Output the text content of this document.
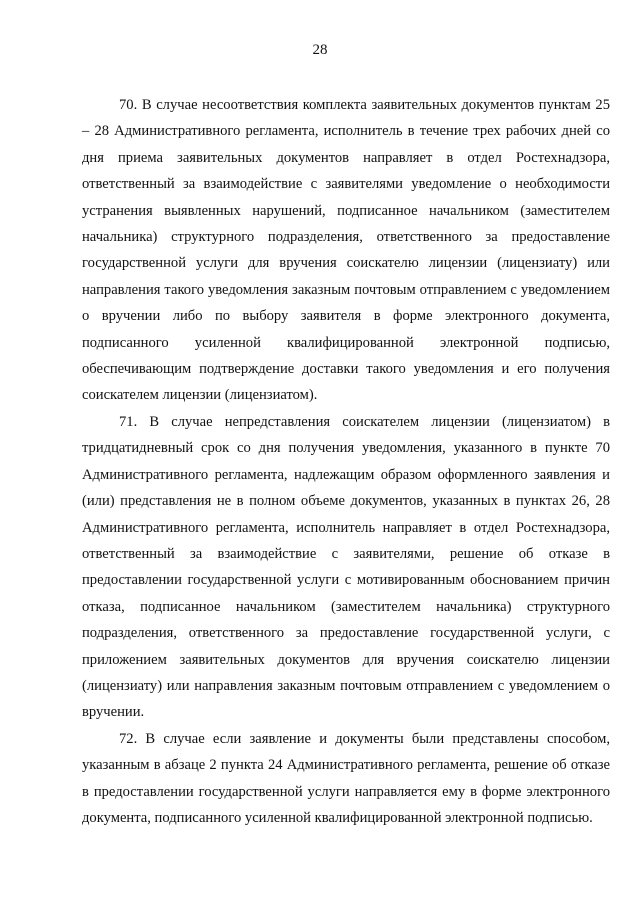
28

70. В случае несоответствия комплекта заявительных документов пунктам 25 – 28 Административного регламента, исполнитель в течение трех рабочих дней со дня приема заявительных документов направляет в отдел Ростехнадзора, ответственный за взаимодействие с заявителями уведомление о необходимости устранения выявленных нарушений, подписанное начальником (заместителем начальника) структурного подразделения, ответственного за предоставление государственной услуги для вручения соискателю лицензии (лицензиату) или направления такого уведомления заказным почтовым отправлением с уведомлением о вручении либо по выбору заявителя в форме электронного документа, подписанного усиленной квалифицированной электронной подписью, обеспечивающим подтверждение доставки такого уведомления и его получения соискателем лицензии (лицензиатом).

71. В случае непредставления соискателем лицензии (лицензиатом) в тридцатидневный срок со дня получения уведомления, указанного в пункте 70 Административного регламента, надлежащим образом оформленного заявления и (или) представления не в полном объеме документов, указанных в пунктах 26, 28 Административного регламента, исполнитель направляет в отдел Ростехнадзора, ответственный за взаимодействие с заявителями, решение об отказе в предоставлении государственной услуги с мотивированным обоснованием причин отказа, подписанное начальником (заместителем начальника) структурного подразделения, ответственного за предоставление государственной услуги, с приложением заявительных документов для вручения соискателю лицензии (лицензиату) или направления заказным почтовым отправлением с уведомлением о вручении.

72. В случае если заявление и документы были представлены способом, указанным в абзаце 2 пункта 24 Административного регламента, решение об отказе в предоставлении государственной услуги направляется ему в форме электронного документа, подписанного усиленной квалифицированной электронной подписью.
